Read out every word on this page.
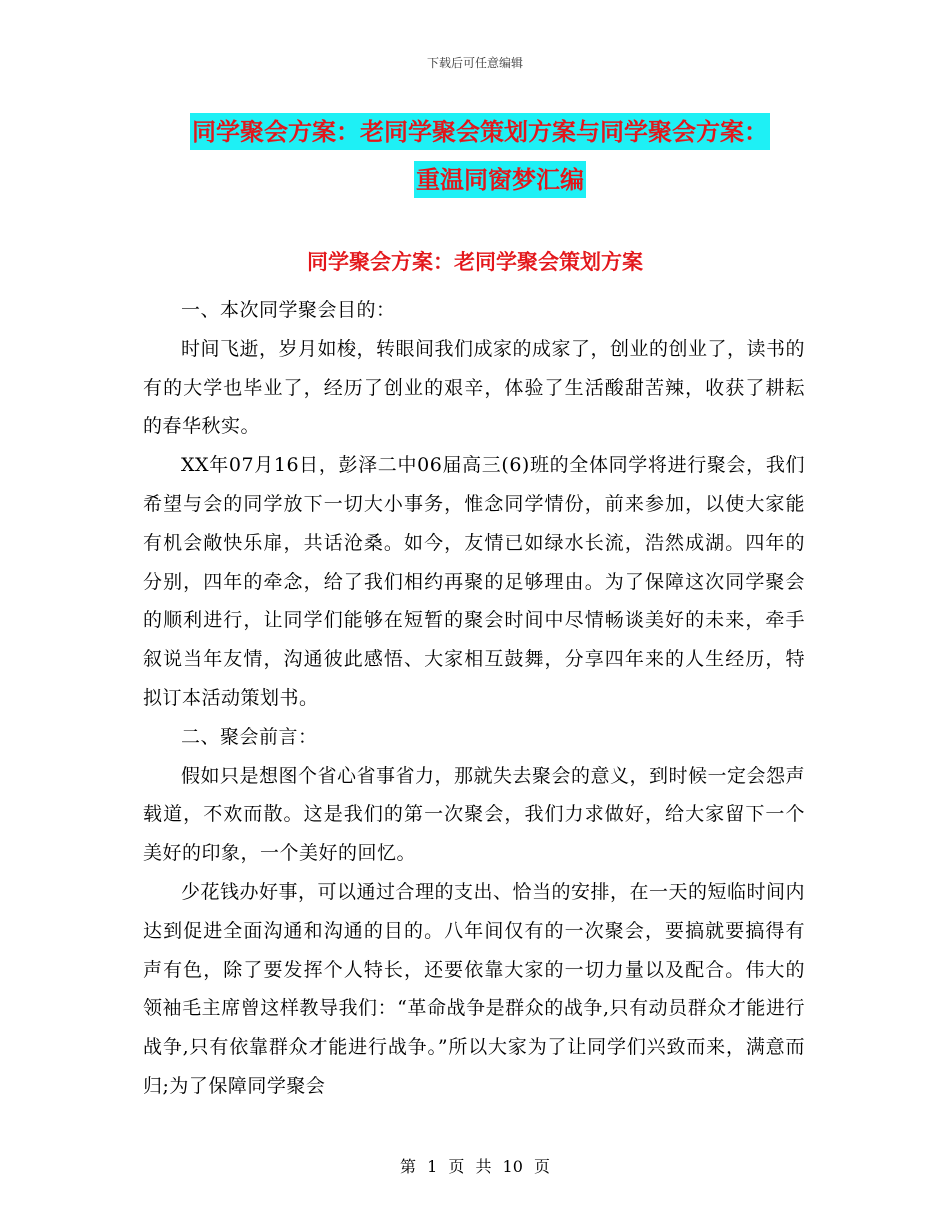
下载后可任意编辑
同学聚会方案：老同学聚会策划方案与同学聚会方案：
重温同窗梦汇编
同学聚会方案：老同学聚会策划方案

一、本次同学聚会目的：

时间飞逝，岁月如梭，转眼间我们成家的成家了，创业的创业了，读书的有的大学也毕业了，经历了创业的艰辛，体验了生活酸甜苦辣，收获了耕耘的春华秋实。

XX年07月16日，彭泽二中06届高三(6)班的全体同学将进行聚会，我们希望与会的同学放下一切大小事务，惟念同学情份，前来参加，以使大家能有机会敞快乐扉，共话沧桑。如今，友情已如绿水长流，浩然成湖。四年的分别，四年的牵念，给了我们相约再聚的足够理由。为了保障这次同学聚会的顺利进行，让同学们能够在短暂的聚会时间中尽情畅谈美好的未来，牵手叙说当年友情，沟通彼此感悟、大家相互鼓舞，分享四年来的人生经历，特拟订本活动策划书。

二、聚会前言：

假如只是想图个省心省事省力，那就失去聚会的意义，到时候一定会怨声载道，不欢而散。这是我们的第一次聚会，我们力求做好，给大家留下一个美好的印象，一个美好的回忆。

少花钱办好事，可以通过合理的支出、恰当的安排，在一天的短临时间内达到促进全面沟通和沟通的目的。八年间仅有的一次聚会，要搞就要搞得有声有色，除了要发挥个人特长，还要依靠大家的一切力量以及配合。伟大的领袖毛主席曾这样教导我们：“革命战争是群众的战争,只有动员群众才能进行战争,只有依靠群众才能进行战争。”所以大家为了让同学们兴致而来，满意而归;为了保障同学聚会

第 1 页 共 10 页
